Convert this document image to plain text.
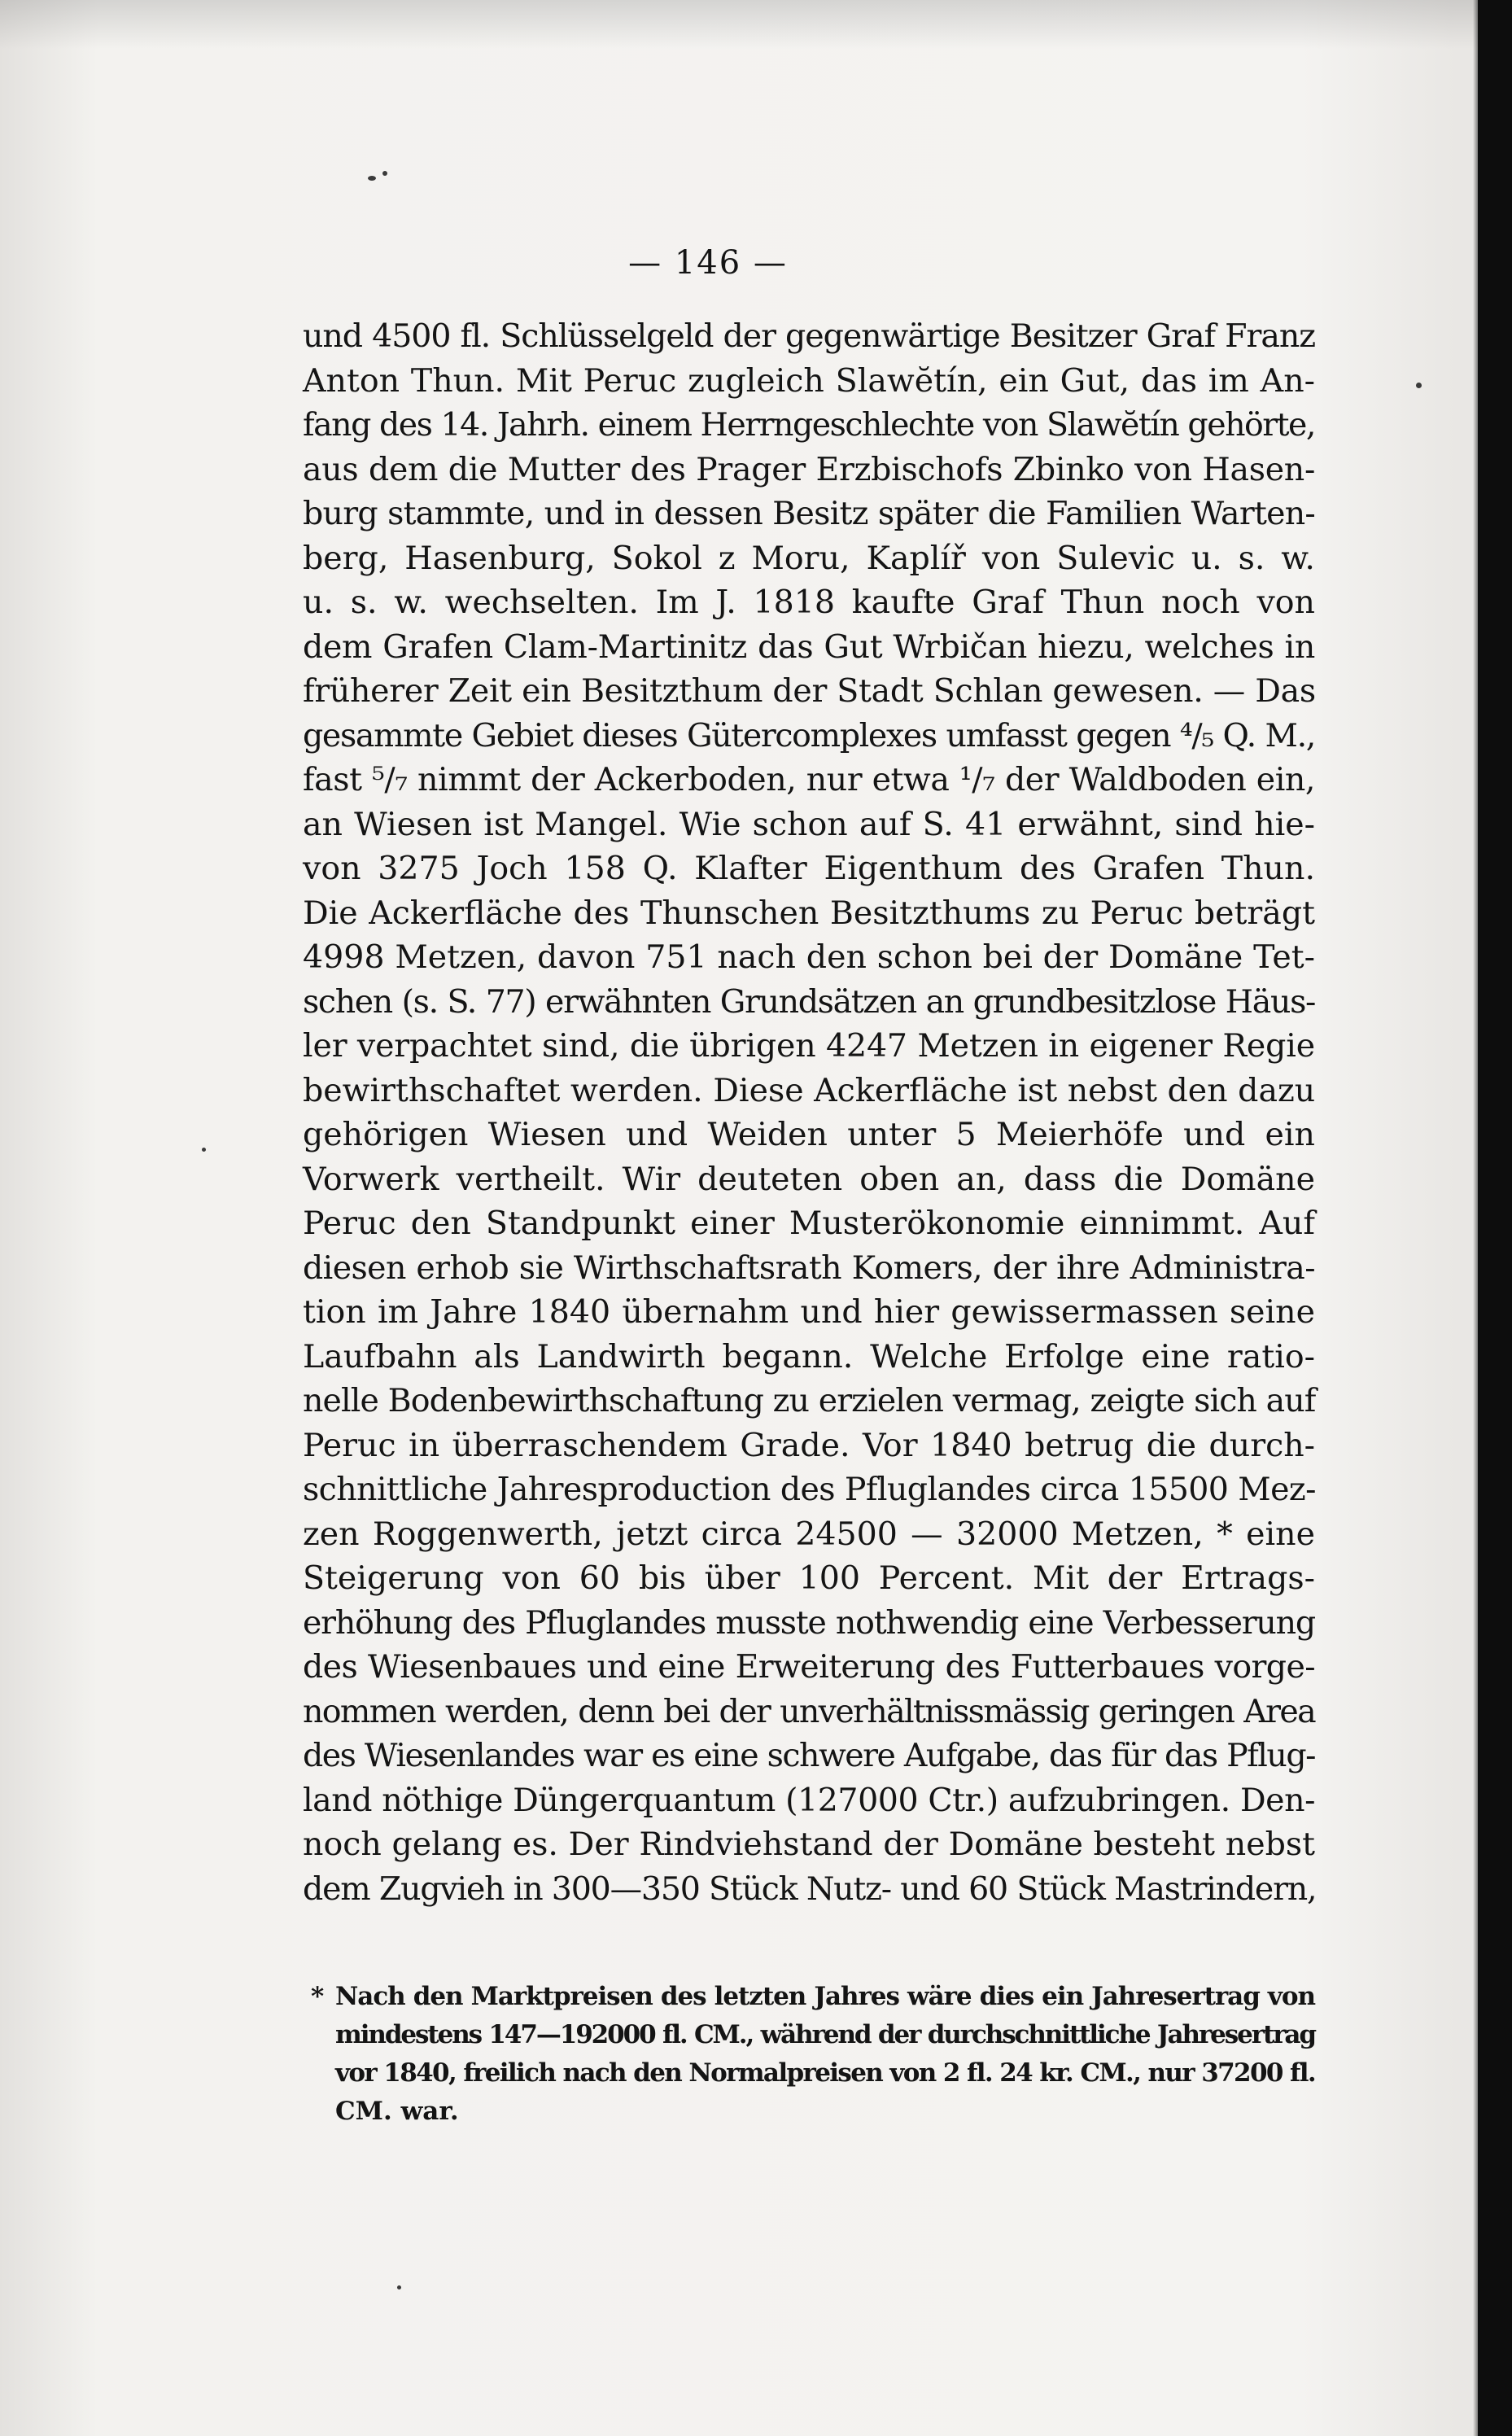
— 146 —
und 4500 fl. Schlüsselgeld der gegenwärtige Besitzer Graf Franz
Anton Thun. Mit Peruc zugleich Slawĕtín, ein Gut, das im An-
fang des 14. Jahrh. einem Herrngeschlechte von Slawĕtín gehörte,
aus dem die Mutter des Prager Erzbischofs Zbinko von Hasen-
burg stammte, und in dessen Besitz später die Familien Warten-
berg, Hasenburg, Sokol z Moru, Kaplíř von Sulevic u. s. w.
u. s. w. wechselten. Im J. 1818 kaufte Graf Thun noch von
dem Grafen Clam-Martinitz das Gut Wrbičan hiezu, welches in
früherer Zeit ein Besitzthum der Stadt Schlan gewesen. — Das
gesammte Gebiet dieses Gütercomplexes umfasst gegen ⁴/₅ Q. M.,
fast ⁵/₇ nimmt der Ackerboden, nur etwa ¹/₇ der Waldboden ein,
an Wiesen ist Mangel. Wie schon auf S. 41 erwähnt, sind hie-
von 3275 Joch 158 Q. Klafter Eigenthum des Grafen Thun.
Die Ackerfläche des Thunschen Besitzthums zu Peruc beträgt
4998 Metzen, davon 751 nach den schon bei der Domäne Tet-
schen (s. S. 77) erwähnten Grundsätzen an grundbesitzlose Häus-
ler verpachtet sind, die übrigen 4247 Metzen in eigener Regie
bewirthschaftet werden. Diese Ackerfläche ist nebst den dazu
gehörigen Wiesen und Weiden unter 5 Meierhöfe und ein
Vorwerk vertheilt. Wir deuteten oben an, dass die Domäne
Peruc den Standpunkt einer Musterökonomie einnimmt. Auf
diesen erhob sie Wirthschaftsrath Komers, der ihre Administra-
tion im Jahre 1840 übernahm und hier gewissermassen seine
Laufbahn als Landwirth begann. Welche Erfolge eine ratio-
nelle Bodenbewirthschaftung zu erzielen vermag, zeigte sich auf
Peruc in überraschendem Grade. Vor 1840 betrug die durch-
schnittliche Jahresproduction des Pfluglandes circa 15500 Mez-
zen Roggenwerth, jetzt circa 24500 — 32000 Metzen, * eine
Steigerung von 60 bis über 100 Percent. Mit der Ertrags-
erhöhung des Pfluglandes musste nothwendig eine Verbesserung
des Wiesenbaues und eine Erweiterung des Futterbaues vorge-
nommen werden, denn bei der unverhältnissmässig geringen Area
des Wiesenlandes war es eine schwere Aufgabe, das für das Pflug-
land nöthige Düngerquantum (127000 Ctr.) aufzubringen. Den-
noch gelang es. Der Rindviehstand der Domäne besteht nebst
dem Zugvieh in 300—350 Stück Nutz- und 60 Stück Mastrindern,
* Nach den Marktpreisen des letzten Jahres wäre dies ein Jahresertrag von
mindestens 147—192000 fl. CM., während der durchschnittliche Jahresertrag
vor 1840, freilich nach den Normalpreisen von 2 fl. 24 kr. CM., nur 37200 fl.
CM. war.
